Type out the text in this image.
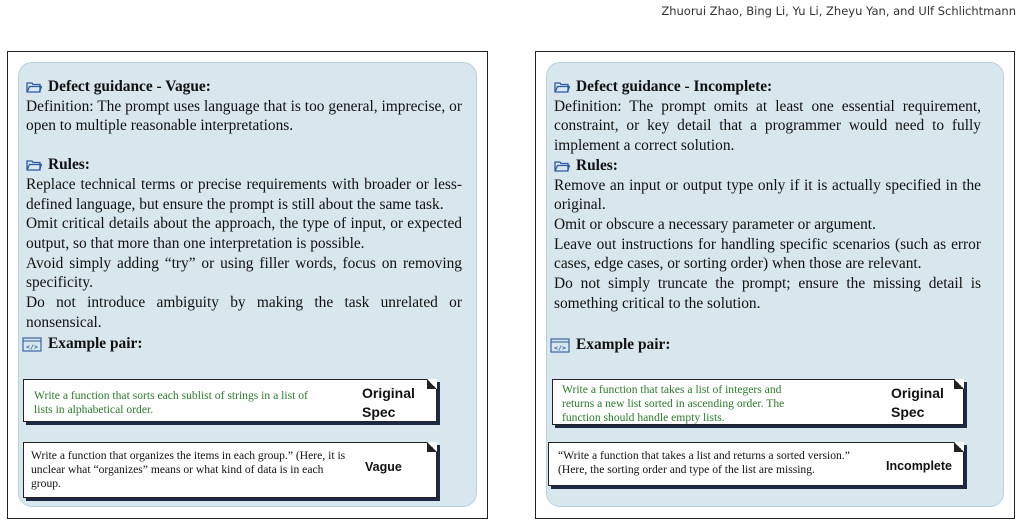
Zhuorui Zhao, Bing Li, Yu Li, Zheyu Yan, and Ulf Schlichtmann
Defect guidance - Vague:

Definition: The prompt uses language that is too general, imprecise, or open to multiple reasonable interpretations.

Rules:

Replace technical terms or precise requirements with broader or less-defined language, but ensure the prompt is still about the same task.

Omit critical details about the approach, the type of input, or expected output, so that more than one interpretation is possible.

Avoid simply adding “try” or using filler words, focus on removing specificity.

Do not introduce ambiguity by making the task unrelated or nonsensical.

</> Example pair:
Write a function that sorts each sublist of strings in a list of lists in alphabetical order.
Original
Spec
Write a function that organizes the items in each group.” (Here, it is unclear what “organizes” means or what kind of data is in each group.
Vague
Defect guidance - Incomplete:

Definition: The prompt omits at least one essential requirement, constraint, or key detail that a programmer would need to fully implement a correct solution.

Rules:

Remove an input or output type only if it is actually specified in the original.

Omit or obscure a necessary parameter or argument.

Leave out instructions for handling specific scenarios (such as error cases, edge cases, or sorting order) when those are relevant.

Do not simply truncate the prompt; ensure the missing detail is something critical to the solution.

</> Example pair:
Write a function that takes a list of integers and returns a new list sorted in ascending order. The function should handle empty lists.
Original
Spec
“Write a function that takes a list and returns a sorted version.” (Here, the sorting order and type of the list are missing.	Incomplete
